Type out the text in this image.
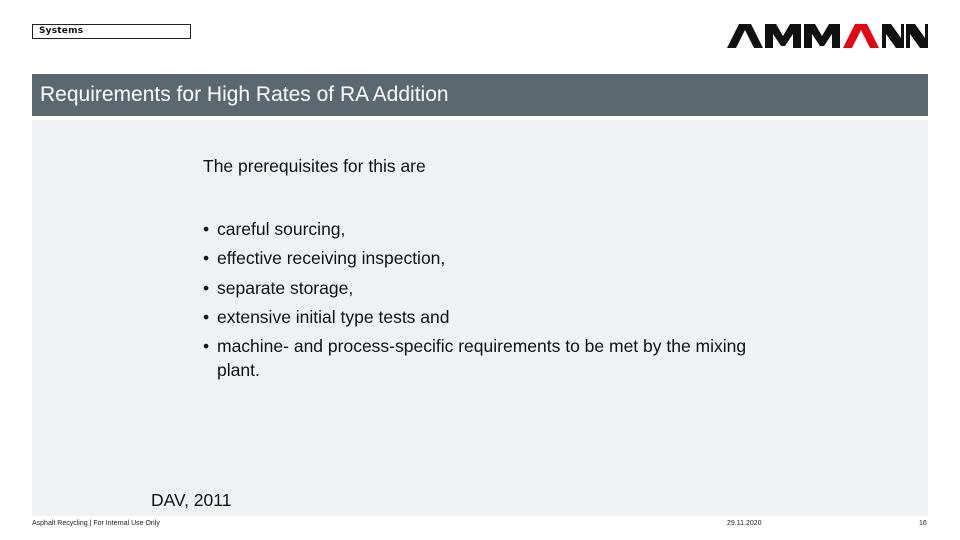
Systems
Requirements for High Rates of RA Addition
The prerequisites for this are
• careful sourcing,
• effective receiving inspection,
• separate storage,
• extensive initial type tests and
• machine- and process-specific requirements to be met by the mixing plant.
DAV, 2011
Asphalt Recycling | For Internal Use Only	29.11.2020	16
